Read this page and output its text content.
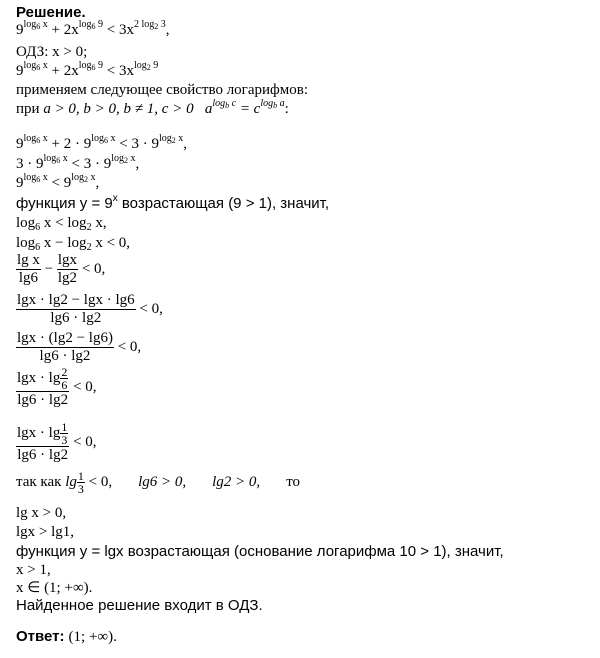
Решение.
$9^{log_6 x} + 2x^{log_6 9} < 3x^{2 log_2 3}$,
ОДЗ: x > 0;
$9^{log_6 x} + 2x^{log_6 9} < 3x^{log_2 9}$
применяем следующее свойство логарифмов:
при a > 0, b > 0, b ≠ 1, c > 0 $a^{log_b c} = c^{log_b a}$:
$9^{log_6 x} + 2 \cdot 9^{log_6 x} < 3 \cdot 9^{log_2 x}$,
$3 \cdot 9^{log_6 x} < 3 \cdot 9^{log_2 x}$,
$9^{log_6 x} < 9^{log_2 x}$,
функция $y = 9^x$ возрастающая (9 > 1), значит,
$\log_6 x < \log_2 x$,
$\log_6 x - \log_2 x < 0$,
$\frac{\text{lg x}}{\lg 6} - \frac{\lg x}{\lg 2} < 0$,
$\frac{\lg x \cdot \lg 2 - \lg x \cdot \lg 6}{\lg 6 \cdot \lg 2} < 0$,
$\frac{\lg x \cdot (\lg 2 - \lg 6)}{\lg 6 \cdot \lg 2} < 0$,
$\frac{\lg x \cdot \lg \frac{2}{6}}{\lg 6 \cdot \lg 2} < 0$,
$\frac{\lg x \cdot \lg \frac{1}{3}}{\lg 6 \cdot \lg 2} < 0$,
так как $\lg \frac{1}{3} < 0$, lg6 > 0, lg2 > 0, то
lg x > 0,
lgx > lg1,
функция y = lgx возрастающая (основание логарифма 10 > 1), значит,
x > 1,
x ∈ (1; +∞).
Найденное решение входит в ОДЗ.
Ответ: (1; +∞).
